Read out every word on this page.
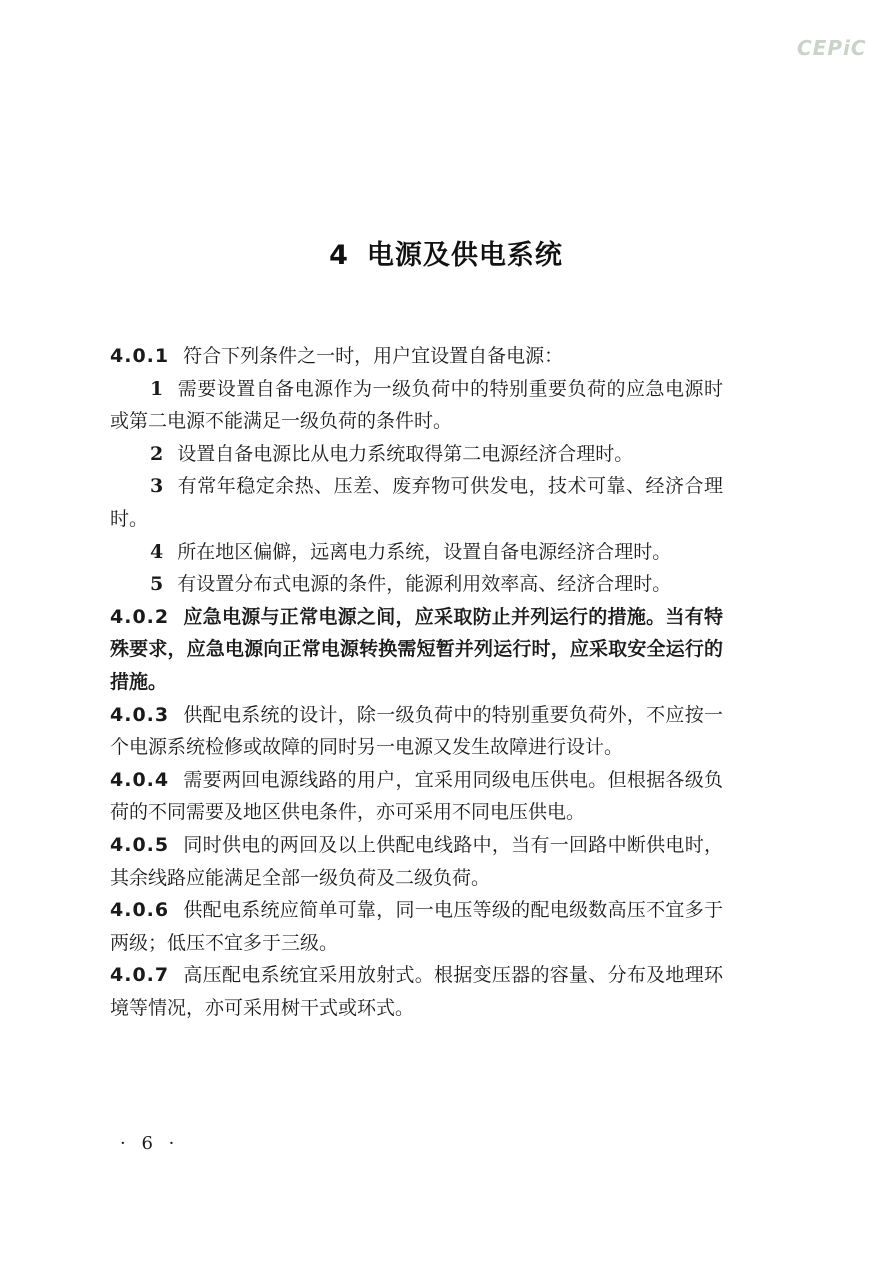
CEPiC
4 电源及供电系统

4.0.1 符合下列条件之一时，用户宜设置自备电源：

1 需要设置自备电源作为一级负荷中的特别重要负荷的应急电源时或第二电源不能满足一级负荷的条件时。

2 设置自备电源比从电力系统取得第二电源经济合理时。

3 有常年稳定余热、压差、废弃物可供发电，技术可靠、经济合理时。

4 所在地区偏僻，远离电力系统，设置自备电源经济合理时。

5 有设置分布式电源的条件，能源利用效率高、经济合理时。

4.0.2 应急电源与正常电源之间，应采取防止并列运行的措施。当有特殊要求，应急电源向正常电源转换需短暂并列运行时，应采取安全运行的措施。

4.0.3 供配电系统的设计，除一级负荷中的特别重要负荷外，不应按一个电源系统检修或故障的同时另一电源又发生故障进行设计。

4.0.4 需要两回电源线路的用户，宜采用同级电压供电。但根据各级负荷的不同需要及地区供电条件，亦可采用不同电压供电。

4.0.5 同时供电的两回及以上供配电线路中，当有一回路中断供电时，其余线路应能满足全部一级负荷及二级负荷。

4.0.6 供配电系统应简单可靠，同一电压等级的配电级数高压不宜多于两级；低压不宜多于三级。

4.0.7 高压配电系统宜采用放射式。根据变压器的容量、分布及地理环境等情况，亦可采用树干式或环式。

· 6 ·
